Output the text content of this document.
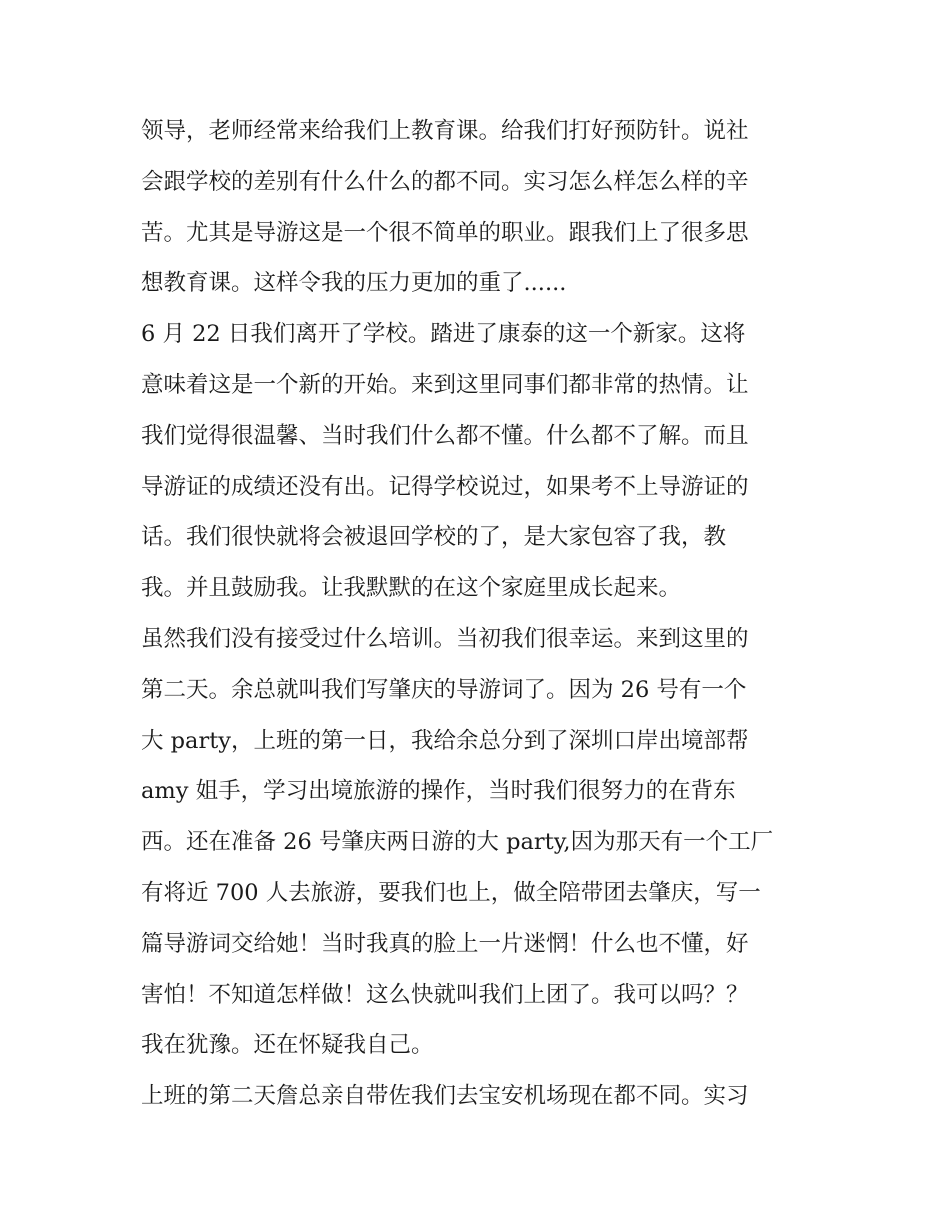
领导，老师经常来给我们上教育课。给我们打好预防针。说社
会跟学校的差别有什么什么的都不同。实习怎么样怎么样的辛
苦。尤其是导游这是一个很不简单的职业。跟我们上了很多思
想教育课。这样令我的压力更加的重了......
6 月 22 日我们离开了学校。踏进了康泰的这一个新家。这将
意味着这是一个新的开始。来到这里同事们都非常的热情。让
我们觉得很温馨、当时我们什么都不懂。什么都不了解。而且
导游证的成绩还没有出。记得学校说过，如果考不上导游证的
话。我们很快就将会被退回学校的了，是大家包容了我，教
我。并且鼓励我。让我默默的在这个家庭里成长起来。
虽然我们没有接受过什么培训。当初我们很幸运。来到这里的
第二天。余总就叫我们写肇庆的导游词了。因为 26 号有一个
大 party，上班的第一日，我给余总分到了深圳口岸出境部帮
amy 姐手，学习出境旅游的操作，当时我们很努力的在背东
西。还在准备 26 号肇庆两日游的大 party,因为那天有一个工厂
有将近 700 人去旅游，要我们也上，做全陪带团去肇庆，写一
篇导游词交给她！当时我真的脸上一片迷惘！什么也不懂，好
害怕！不知道怎样做！这么快就叫我们上团了。我可以吗？？
我在犹豫。还在怀疑我自己。
上班的第二天詹总亲自带佐我们去宝安机场现在都不同。实习
